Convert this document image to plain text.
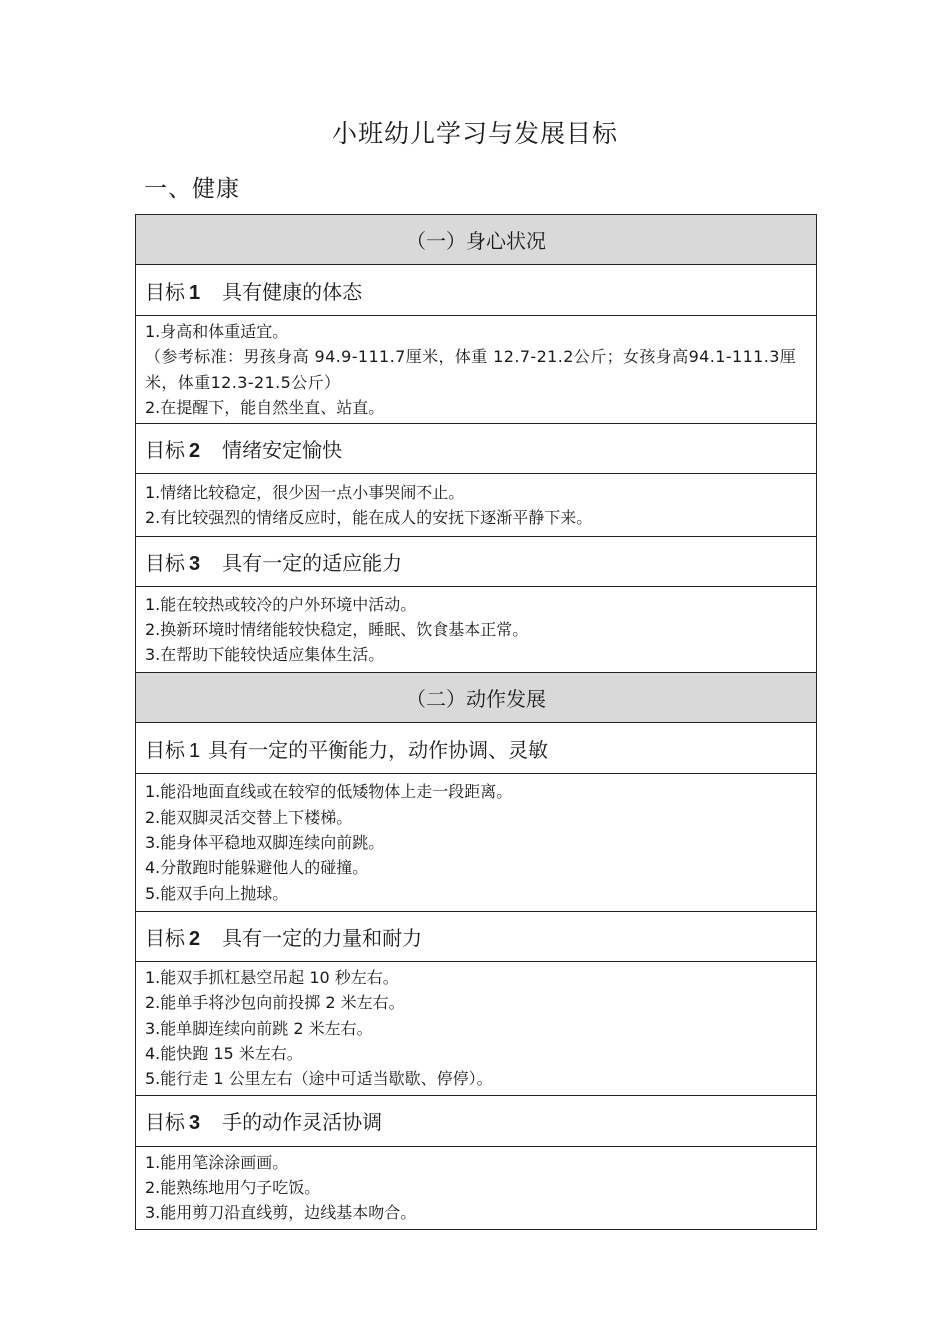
小班幼儿学习与发展目标
一、健康
（一）身心状况
目标 1 具有健康的体态

1.身高和体重适宜。
（参考标准：男孩身高 94.9-111.7厘米，体重 12.7-21.2公斤；女孩身高94.1-111.3厘米，体重12.3-21.5公斤）
2.在提醒下，能自然坐直、站直。

目标 2 情绪安定愉快

1.情绪比较稳定，很少因一点小事哭闹不止。
2.有比较强烈的情绪反应时，能在成人的安抚下逐渐平静下来。

目标 3 具有一定的适应能力

1.能在较热或较冷的户外环境中活动。
2.换新环境时情绪能较快稳定，睡眠、饮食基本正常。
3.在帮助下能较快适应集体生活。

（二）动作发展
目标 1 具有一定的平衡能力，动作协调、灵敏

1.能沿地面直线或在较窄的低矮物体上走一段距离。
2.能双脚灵活交替上下楼梯。
3.能身体平稳地双脚连续向前跳。
4.分散跑时能躲避他人的碰撞。
5.能双手向上抛球。

目标 2 具有一定的力量和耐力

1.能双手抓杠悬空吊起 10 秒左右。
2.能单手将沙包向前投掷 2 米左右。
3.能单脚连续向前跳 2 米左右。
4.能快跑 15 米左右。
5.能行走 1 公里左右（途中可适当歇歇、停停）。

目标 3 手的动作灵活协调

1.能用笔涂涂画画。
2.能熟练地用勺子吃饭。
3.能用剪刀沿直线剪，边线基本吻合。
